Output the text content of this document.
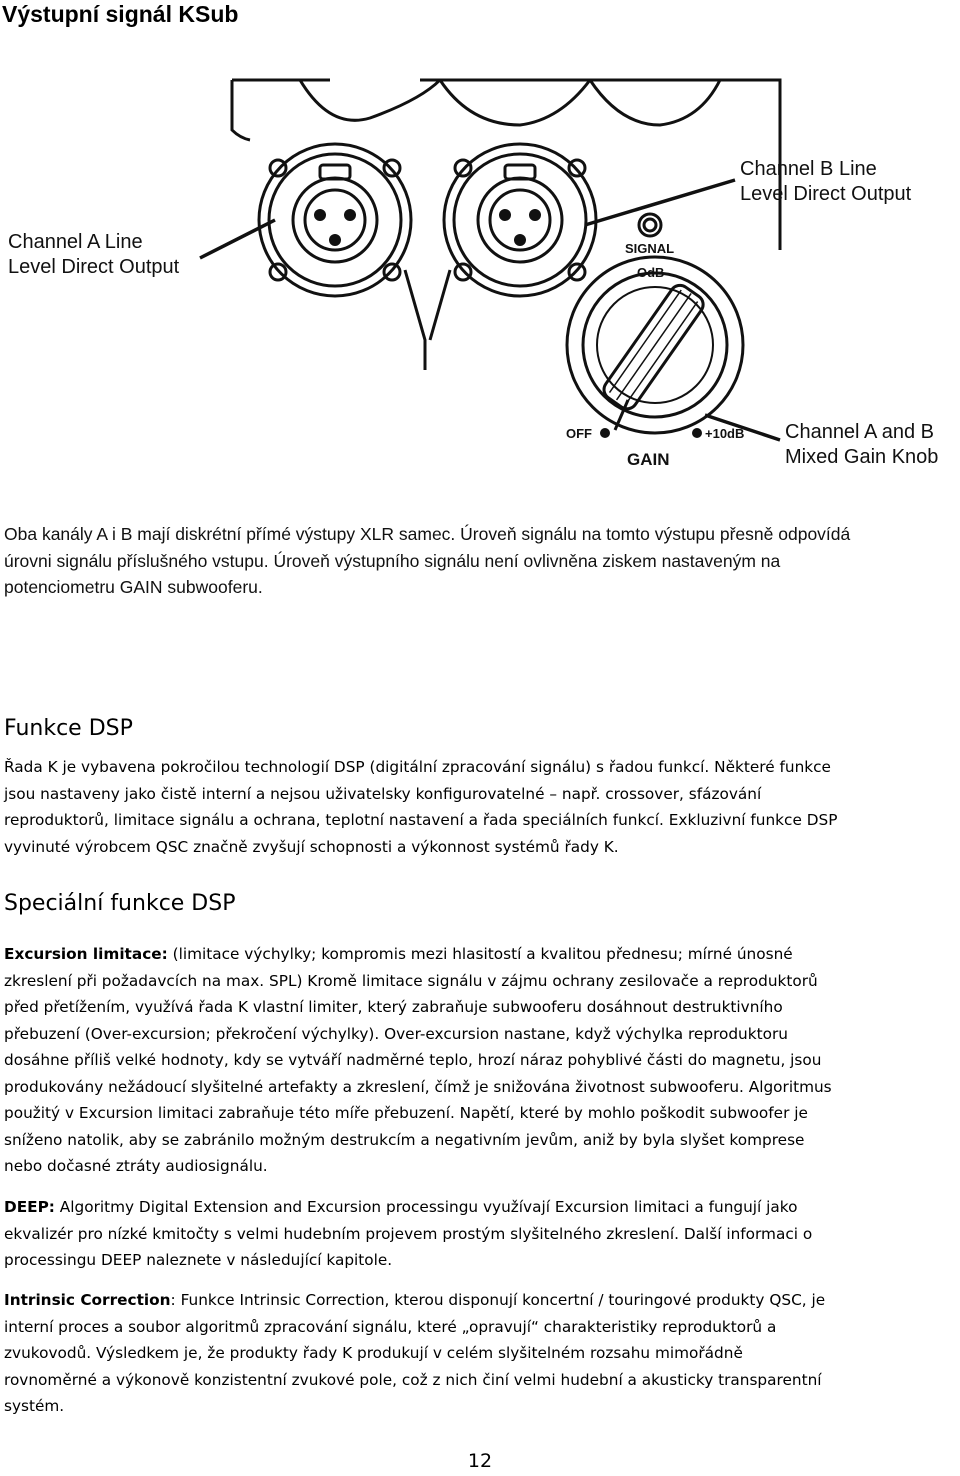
Výstupní signál KSub
Channel A Line
Level Direct Output
Channel B Line
Level Direct Output
Channel A and B
Mixed Gain Knob
SIGNAL
OdB
OFF	+10dB
GAIN
Oba kanály A i B mají diskrétní přímé výstupy XLR samec. Úroveň signálu na tomto výstupu přesně odpovídá
úrovni signálu příslušného vstupu. Úroveň výstupního signálu není ovlivněna ziskem nastaveným na
potenciometru GAIN subwooferu.
Funkce DSP
Řada K je vybavena pokročilou technologií DSP (digitální zpracování signálu) s řadou funkcí. Některé funkce
jsou nastaveny jako čistě interní a nejsou uživatelsky konfigurovatelné – např. crossover, sfázování
reproduktorů, limitace signálu a ochrana, teplotní nastavení a řada speciálních funkcí. Exkluzivní funkce DSP
vyvinuté výrobcem QSC značně zvyšují schopnosti a výkonnost systémů řady K.
Speciální funkce DSP
Excursion limitace: (limitace výchylky; kompromis mezi hlasitostí a kvalitou přednesu; mírné únosné
zkreslení při požadavcích na max. SPL) Kromě limitace signálu v zájmu ochrany zesilovače a reproduktorů
před přetížením, využívá řada K vlastní limiter, který zabraňuje subwooferu dosáhnout destruktivního
přebuzení (Over-excursion; překročení výchylky). Over-excursion nastane, když výchylka reproduktoru
dosáhne příliš velké hodnoty, kdy se vytváří nadměrné teplo, hrozí náraz pohyblivé části do magnetu, jsou
produkovány nežádoucí slyšitelné artefakty a zkreslení, čímž je snižována životnost subwooferu. Algoritmus
použitý v Excursion limitaci zabraňuje této míře přebuzení. Napětí, které by mohlo poškodit subwoofer je
sníženo natolik, aby se zabránilo možným destrukcím a negativním jevům, aniž by byla slyšet komprese
nebo dočasné ztráty audiosignálu.
DEEP: Algoritmy Digital Extension and Excursion processingu využívají Excursion limitaci a fungují jako
ekvalizér pro nízké kmitočty s velmi hudebním projevem prostým slyšitelného zkreslení. Další informaci o
processingu DEEP naleznete v následující kapitole.
Intrinsic Correction: Funkce Intrinsic Correction, kterou disponují koncertní / touringové produkty QSC, je
interní proces a soubor algoritmů zpracování signálu, které „opravují“ charakteristiky reproduktorů a
zvukovodů. Výsledkem je, že produkty řady K produkují v celém slyšitelném rozsahu mimořádně
rovnoměrné a výkonově konzistentní zvukové pole, což z nich činí velmi hudební a akusticky transparentní
systém.
12
